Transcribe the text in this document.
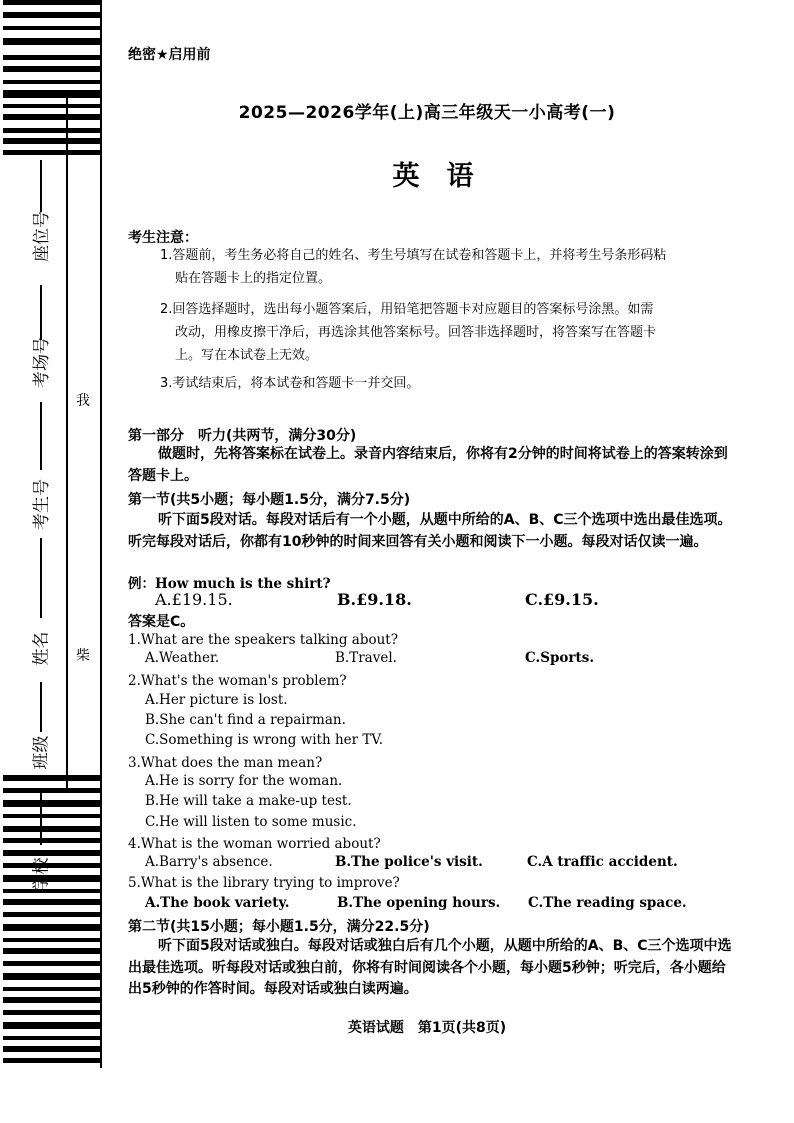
座位号
考场号
考生号
姓名
班级
学校
我
柴
绝密★启用前
2025—2026学年(上)高三年级天一小高考(一)
英　语
考生注意：
1.答题前，考生务必将自己的姓名、考生号填写在试卷和答题卡上，并将考生号条形码粘
贴在答题卡上的指定位置。
2.回答选择题时，选出每小题答案后，用铅笔把答题卡对应题目的答案标号涂黑。如需
改动，用橡皮擦干净后，再选涂其他答案标号。回答非选择题时，将答案写在答题卡
上。写在本试卷上无效。
3.考试结束后，将本试卷和答题卡一并交回。
第一部分　听力(共两节，满分30分)
做题时，先将答案标在试卷上。录音内容结束后，你将有2分钟的时间将试卷上的答案转涂到答题卡上。
第一节(共5小题；每小题1.5分，满分7.5分)
听下面5段对话。每段对话后有一个小题，从题中所给的A、B、C三个选项中选出最佳选项。听完每段对话后，你都有10秒钟的时间来回答有关小题和阅读下一小题。每段对话仅读一遍。
例：How much is the shirt?
A.£19.15.	B.£9.18.	C.£9.15.
答案是C。
1.What are the speakers talking about?
A.Weather.	B.Travel.	C.Sports.
2.What's the woman's problem?
A.Her picture is lost.
B.She can't find a repairman.
C.Something is wrong with her TV.
3.What does the man mean?
A.He is sorry for the woman.
B.He will take a make-up test.
C.He will listen to some music.
4.What is the woman worried about?
A.Barry's absence.	B.The police's visit.	C.A traffic accident.
5.What is the library trying to improve?
A.The book variety.	B.The opening hours. C.The reading space.
第二节(共15小题；每小题1.5分，满分22.5分)
听下面5段对话或独白。每段对话或独白后有几个小题，从题中所给的A、B、C三个选项中选出最佳选项。听每段对话或独白前，你将有时间阅读各个小题，每小题5秒钟；听完后，各小题给出5秒钟的作答时间。每段对话或独白读两遍。
英语试题　第1页(共8页)
